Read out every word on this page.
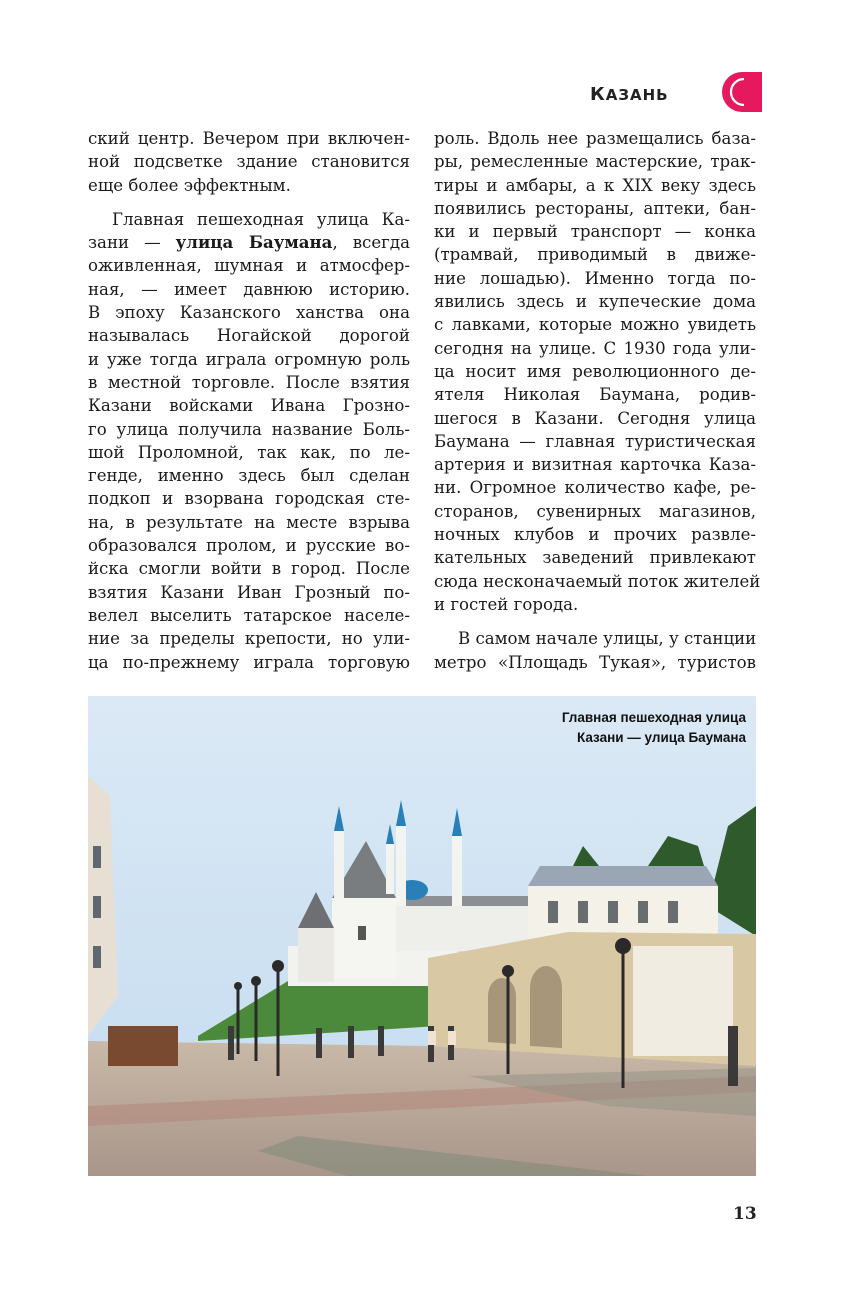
КАЗАНЬ

ский центр. Вечером при включен-
ной подсветке здание становится
еще более эффектным.

Главная пешеходная улица Ка-
зани — улица Баумана, всегда
оживленная, шумная и атмосфер-
ная, — имеет давнюю историю.
В эпоху Казанского ханства она
называлась Ногайской дорогой
и уже тогда играла огромную роль
в местной торговле. После взятия
Казани войсками Ивана Грозно-
го улица получила название Боль-
шой Проломной, так как, по ле-
генде, именно здесь был сделан
подкоп и взорвана городская сте-
на, в результате на месте взрыва
образовался пролом, и русские во-
йска смогли войти в город. После
взятия Казани Иван Грозный по-
велел выселить татарское населе-
ние за пределы крепости, но ули-
ца по-прежнему играла торговую

роль. Вдоль нее размещались база-
ры, ремесленные мастерские, трак-
тиры и амбары, а к XIX веку здесь
появились рестораны, аптеки, бан-
ки и первый транспорт — конка
(трамвай, приводимый в движе-
ние лошадью). Именно тогда по-
явились здесь и купеческие дома
с лавками, которые можно увидеть
сегодня на улице. С 1930 года ули-
ца носит имя революционного де-
ятеля Николая Баумана, родив-
шегося в Казани. Сегодня улица
Баумана — главная туристическая
артерия и визитная карточка Каза-
ни. Огромное количество кафе, ре-
сторанов, сувенирных магазинов,
ночных клубов и прочих развле-
кательных заведений привлекают
сюда несконачаемый поток жителей
и гостей города.

В самом начале улицы, у станции
метро «Площадь Тукая», туристов

Главная пешеходная улица
Казани — улица Баумана
13
